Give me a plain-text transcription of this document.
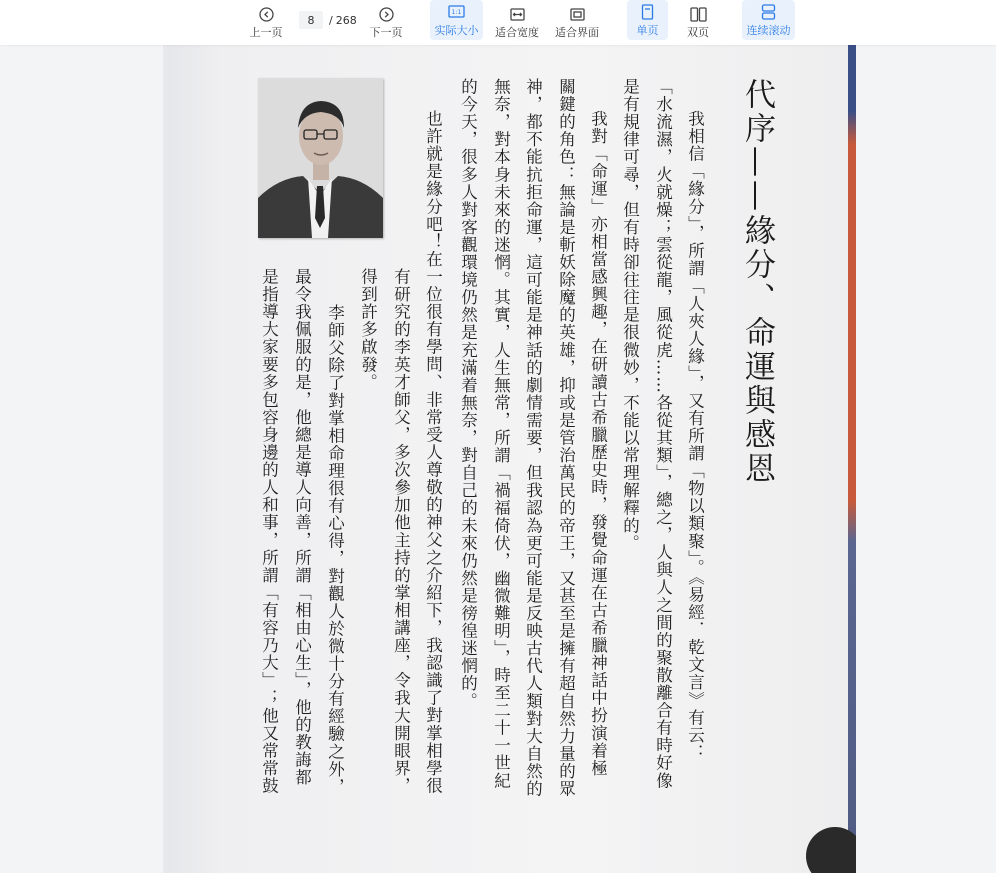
上一页
8
/ 268
下一页
1:1
实际大小 适合宽度 适合界面	单页	双页	连续滚动
代序——緣分、命運與感恩
我相信「緣分」，所謂「人夾人緣」，又有所謂「物以類聚」。《易經．乾文言》有云：
「水流濕，火就燥；雲從龍，風從虎……各從其類」，總之，人與人之間的聚散離合有時好像
是有規律可尋，但有時卻往往是很微妙，不能以常理解釋的。
我對「命運」亦相當感興趣，在研讀古希臘歷史時，發覺命運在古希臘神話中扮演着極
關鍵的角色：無論是斬妖除魔的英雄，抑或是管治萬民的帝王，又甚至是擁有超自然力量的眾
神，都不能抗拒命運，這可能是神話的劇情需要，但我認為更可能是反映古代人類對大自然的
無奈，對本身未來的迷惘。其實，人生無常，所謂「禍福倚伏，幽微難明」，時至二十一世紀
的今天，很多人對客觀環境仍然是充滿着無奈，對自己的未來仍然是徬徨迷惘的。
也許就是緣分吧！在一位很有學問、非常受人尊敬的神父之介紹下，我認識了對掌相學很
有研究的李英才師父，多次參加他主持的掌相講座，令我大開眼界，
得到許多啟發。
李師父除了對掌相命理很有心得，對觀人於微十分有經驗之外，
最令我佩服的是，他總是導人向善，所謂「相由心生」，他的教誨都
是指導大家要多包容身邊的人和事，所謂「有容乃大」；他又常常鼓
